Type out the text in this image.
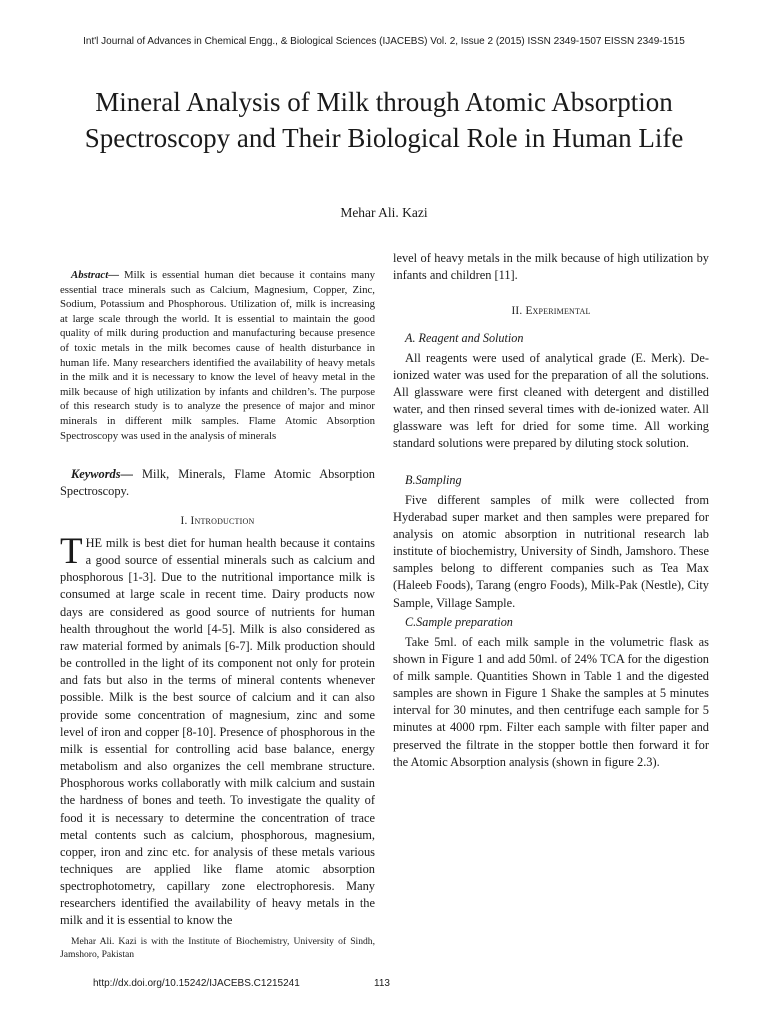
Int'l Journal of Advances in Chemical Engg., & Biological Sciences (IJACEBS) Vol. 2, Issue 2 (2015) ISSN 2349-1507 EISSN 2349-1515
Mineral Analysis of Milk through Atomic Absorption Spectroscopy and Their Biological Role in Human Life
Mehar Ali. Kazi

Abstract— Milk is essential human diet because it contains many essential trace minerals such as Calcium, Magnesium, Copper, Zinc, Sodium, Potassium and Phosphorous. Utilization of, milk is increasing at large scale through the world. It is essential to maintain the good quality of milk during production and manufacturing because presence of toxic metals in the milk becomes cause of health disturbance in human life. Many researchers identified the availability of heavy metals in the milk and it is necessary to know the level of heavy metal in the milk because of high utilization by infants and children’s. The purpose of this research study is to analyze the presence of major and minor minerals in different milk samples. Flame Atomic Absorption Spectroscopy was used in the analysis of minerals

Keywords— Milk, Minerals, Flame Atomic Absorption Spectroscopy.

I. Introduction

THE milk is best diet for human health because it contains a good source of essential minerals such as calcium and phosphorous [1-3]. Due to the nutritional importance milk is consumed at large scale in recent time. Dairy products now days are considered as good source of nutrients for human health throughout the world [4-5]. Milk is also considered as raw material formed by animals [6-7]. Milk production should be controlled in the light of its component not only for protein and fats but also in the terms of mineral contents whenever possible. Milk is the best source of calcium and it can also provide some concentration of magnesium, zinc and some level of iron and copper [8-10]. Presence of phosphorous in the milk is essential for controlling acid base balance, energy metabolism and also organizes the cell membrane structure. Phosphorous works collaboratly with milk calcium and sustain the hardness of bones and teeth. To investigate the quality of food it is necessary to determine the concentration of trace metal contents such as calcium, phosphorous, magnesium, copper, iron and zinc etc. for analysis of these metals various techniques are applied like flame atomic absorption spectrophotometry, capillary zone electrophoresis. Many researchers identified the availability of heavy metals in the milk and it is essential to know the

Mehar Ali. Kazi is with the Institute of Biochemistry, University of Sindh, Jamshoro, Pakistan

http://dx.doi.org/10.15242/IJACEBS.C1215241	113

level of heavy metals in the milk because of high utilization by infants and children [11].

II. Experimental
A. Reagent and Solution

All reagents were used of analytical grade (E. Merk). De-ionized water was used for the preparation of all the solutions. All glassware were first cleaned with detergent and distilled water, and then rinsed several times with de-ionized water. All glassware was left for dried for some time. All working standard solutions were prepared by diluting stock solution.

B.Sampling

Five different samples of milk were collected from Hyderabad super market and then samples were prepared for analysis on atomic absorption in nutritional research lab institute of biochemistry, University of Sindh, Jamshoro. These samples belong to different companies such as Tea Max (Haleeb Foods), Tarang (engro Foods), Milk-Pak (Nestle), City Sample, Village Sample.

C.Sample preparation

Take 5ml. of each milk sample in the volumetric flask as shown in Figure 1 and add 50ml. of 24% TCA for the digestion of milk sample. Quantities Shown in Table 1 and the digested samples are shown in Figure 1 Shake the samples at 5 minutes interval for 30 minutes, and then centrifuge each sample for 5 minutes at 4000 rpm. Filter each sample with filter paper and preserved the filtrate in the stopper bottle then forward it for the Atomic Absorption analysis (shown in figure 2.3).
